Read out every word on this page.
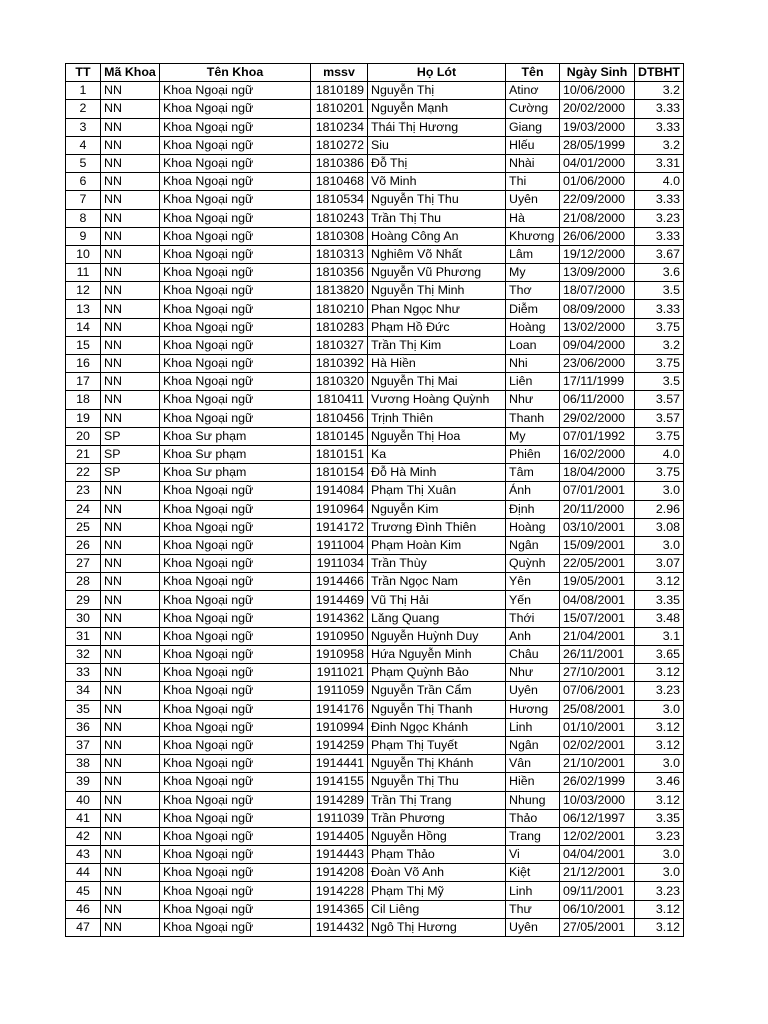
TT	Mã Khoa	Tên Khoa	mssv	Họ Lót	Tên	Ngày Sinh	DTBHT
1	NN	Khoa Ngoại ngữ	1810189	Nguyễn Thị	Atinơ	10/06/2000	3.2
2	NN	Khoa Ngoại ngữ	1810201	Nguyễn Mạnh	Cường	20/02/2000	3.33
3	NN	Khoa Ngoại ngữ	1810234	Thái Thị Hương	Giang	19/03/2000	3.33
4	NN	Khoa Ngoại ngữ	1810272	Siu	Hlếu	28/05/1999	3.2
5	NN	Khoa Ngoại ngữ	1810386	Đỗ Thị	Nhài	04/01/2000	3.31
6	NN	Khoa Ngoại ngữ	1810468	Võ Minh	Thi	01/06/2000	4.0
7	NN	Khoa Ngoại ngữ	1810534	Nguyễn Thị Thu	Uyên	22/09/2000	3.33
8	NN	Khoa Ngoại ngữ	1810243	Trần Thị Thu	Hà	21/08/2000	3.23
9	NN	Khoa Ngoại ngữ	1810308	Hoàng Công An	Khương	26/06/2000	3.33
10	NN	Khoa Ngoại ngữ	1810313	Nghiêm Võ Nhất	Lâm	19/12/2000	3.67
11	NN	Khoa Ngoại ngữ	1810356	Nguyễn Vũ Phương	My	13/09/2000	3.6
12	NN	Khoa Ngoại ngữ	1813820	Nguyễn Thị Minh	Thơ	18/07/2000	3.5
13	NN	Khoa Ngoại ngữ	1810210	Phan Ngọc Như	Diễm	08/09/2000	3.33
14	NN	Khoa Ngoại ngữ	1810283	Phạm Hồ Đức	Hoàng	13/02/2000	3.75
15	NN	Khoa Ngoại ngữ	1810327	Trần Thị Kim	Loan	09/04/2000	3.2
16	NN	Khoa Ngoại ngữ	1810392	Hà Hiền	Nhi	23/06/2000	3.75
17	NN	Khoa Ngoại ngữ	1810320	Nguyễn Thị Mai	Liên	17/11/1999	3.5
18	NN	Khoa Ngoại ngữ	1810411	Vương Hoàng Quỳnh	Như	06/11/2000	3.57
19	NN	Khoa Ngoại ngữ	1810456	Trịnh Thiên	Thanh	29/02/2000	3.57
20	SP	Khoa Sư phạm	1810145	Nguyễn Thị Hoa	My	07/01/1992	3.75
21	SP	Khoa Sư phạm	1810151	Ka	Phiên	16/02/2000	4.0
22	SP	Khoa Sư phạm	1810154	Đỗ Hà Minh	Tâm	18/04/2000	3.75
23	NN	Khoa Ngoại ngữ	1914084	Phạm Thị Xuân	Ánh	07/01/2001	3.0
24	NN	Khoa Ngoại ngữ	1910964	Nguyễn Kim	Định	20/11/2000	2.96
25	NN	Khoa Ngoại ngữ	1914172	Trương Đình Thiên	Hoàng	03/10/2001	3.08
26	NN	Khoa Ngoại ngữ	1911004	Phạm Hoàn Kim	Ngân	15/09/2001	3.0
27	NN	Khoa Ngoại ngữ	1911034	Trần Thùy	Quỳnh	22/05/2001	3.07
28	NN	Khoa Ngoại ngữ	1914466	Trần Ngọc Nam	Yên	19/05/2001	3.12
29	NN	Khoa Ngoại ngữ	1914469	Vũ Thị Hải	Yến	04/08/2001	3.35
30	NN	Khoa Ngoại ngữ	1914362	Lăng Quang	Thới	15/07/2001	3.48
31	NN	Khoa Ngoại ngữ	1910950	Nguyễn Huỳnh Duy	Anh	21/04/2001	3.1
32	NN	Khoa Ngoại ngữ	1910958	Hứa Nguyễn Minh	Châu	26/11/2001	3.65
33	NN	Khoa Ngoại ngữ	1911021	Phạm Quỳnh Bảo	Như	27/10/2001	3.12
34	NN	Khoa Ngoại ngữ	1911059	Nguyễn Trần Cẩm	Uyên	07/06/2001	3.23
35	NN	Khoa Ngoại ngữ	1914176	Nguyễn Thị Thanh	Hương	25/08/2001	3.0
36	NN	Khoa Ngoại ngữ	1910994	Đinh Ngọc Khánh	Linh	01/10/2001	3.12
37	NN	Khoa Ngoại ngữ	1914259	Phạm Thị Tuyết	Ngân	02/02/2001	3.12
38	NN	Khoa Ngoại ngữ	1914441	Nguyễn Thị Khánh	Vân	21/10/2001	3.0
39	NN	Khoa Ngoại ngữ	1914155	Nguyễn Thị Thu	Hiền	26/02/1999	3.46
40	NN	Khoa Ngoại ngữ	1914289	Trần Thị Trang	Nhung	10/03/2000	3.12
41	NN	Khoa Ngoại ngữ	1911039	Trần Phương	Thảo	06/12/1997	3.35
42	NN	Khoa Ngoại ngữ	1914405	Nguyễn Hồng	Trang	12/02/2001	3.23
43	NN	Khoa Ngoại ngữ	1914443	Phạm Thảo	Vi	04/04/2001	3.0
44	NN	Khoa Ngoại ngữ	1914208	Đoàn Võ Anh	Kiệt	21/12/2001	3.0
45	NN	Khoa Ngoại ngữ	1914228	Phạm Thị Mỹ	Linh	09/11/2001	3.23
46	NN	Khoa Ngoại ngữ	1914365	Cil Liêng	Thư	06/10/2001	3.12
47	NN	Khoa Ngoại ngữ	1914432	Ngô Thị Hương	Uyên	27/05/2001	3.12
